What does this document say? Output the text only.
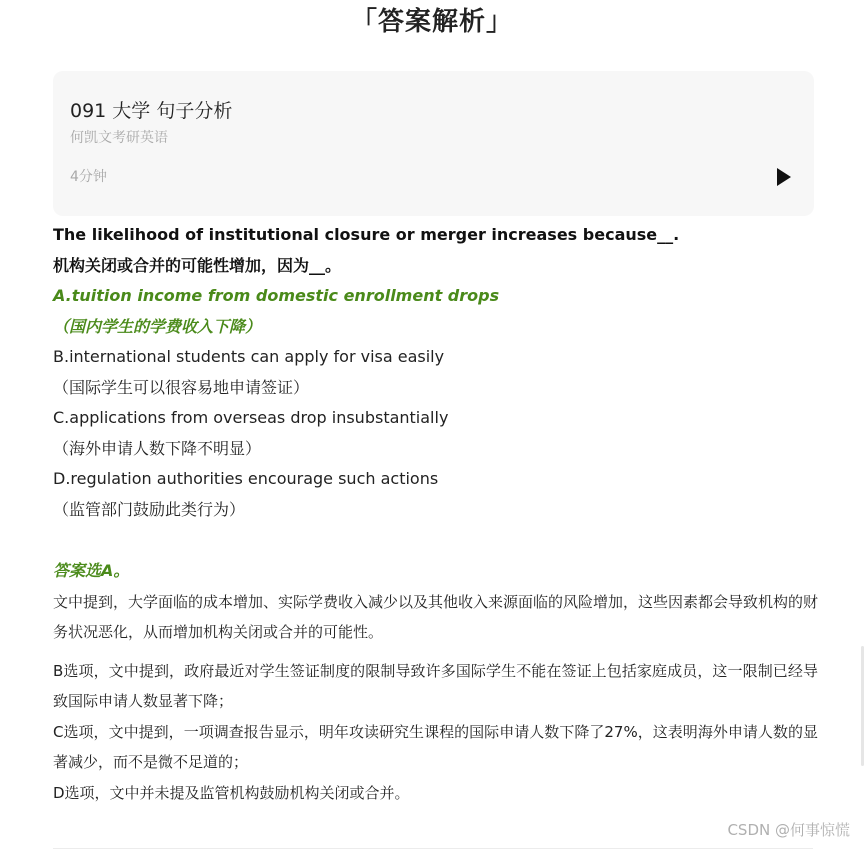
「答案解析」
091 大学 句子分析
何凯文考研英语
4分钟
The likelihood of institutional closure or merger increases because__.
机构关闭或合并的可能性增加，因为__。
A.tuition income from domestic enrollment drops
（国内学生的学费收入下降）
B.international students can apply for visa easily
（国际学生可以很容易地申请签证）
C.applications from overseas drop insubstantially
（海外申请人数下降不明显）
D.regulation authorities encourage such actions
（监管部门鼓励此类行为）
答案选A。
文中提到，大学面临的成本增加、实际学费收入减少以及其他收入来源面临的风险增加，这些因素都会导致机构的财务状况恶化，从而增加机构关闭或合并的可能性。
B选项，文中提到，政府最近对学生签证制度的限制导致许多国际学生不能在签证上包括家庭成员，这一限制已经导致国际申请人数显著下降；
C选项，文中提到，一项调查报告显示，明年攻读研究生课程的国际申请人数下降了27%，这表明海外申请人数的显著减少，而不是微不足道的；
D选项，文中并未提及监管机构鼓励机构关闭或合并。
CSDN @何事惊慌
